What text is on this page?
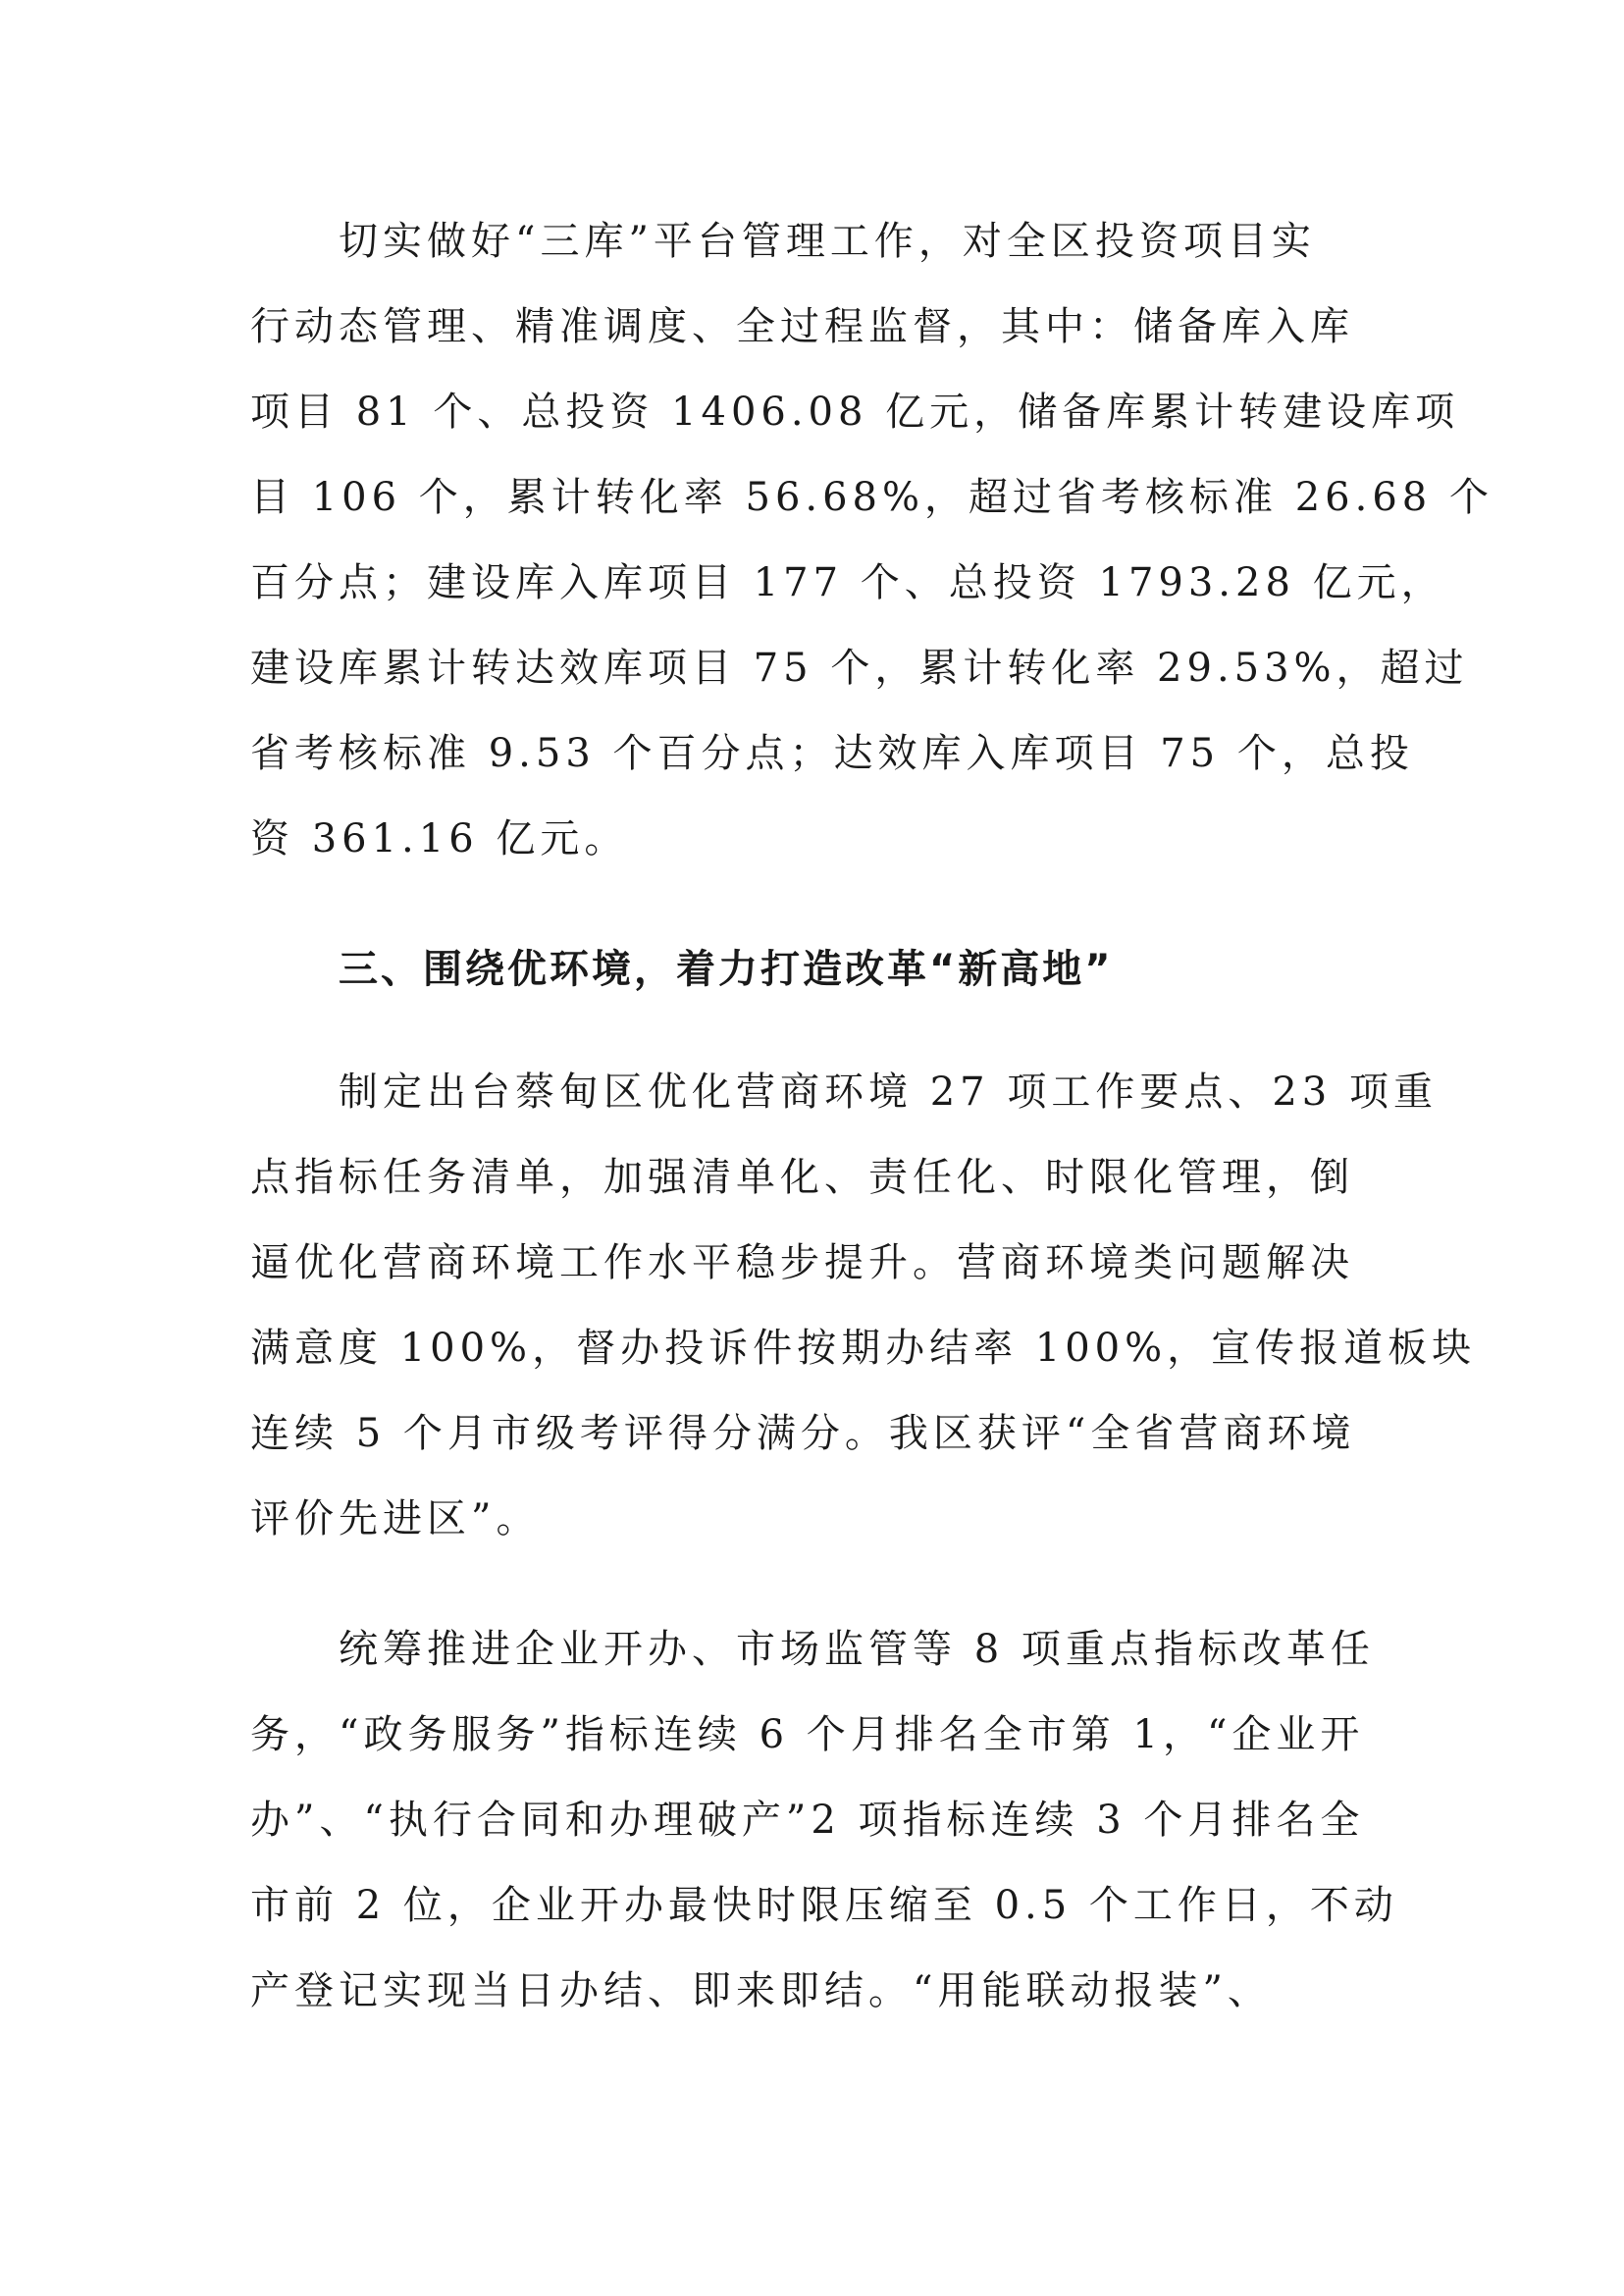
切实做好“三库”平台管理工作，对全区投资项目实
行动态管理、精准调度、全过程监督，其中：储备库入库
项目 81 个、总投资 1406.08 亿元，储备库累计转建设库项
目 106 个，累计转化率 56.68%，超过省考核标准 26.68 个
百分点；建设库入库项目 177 个、总投资 1793.28 亿元，
建设库累计转达效库项目 75 个，累计转化率 29.53%，超过
省考核标准 9.53 个百分点；达效库入库项目 75 个，总投
资 361.16 亿元。
三、围绕优环境，着力打造改革“新高地”
制定出台蔡甸区优化营商环境 27 项工作要点、23 项重
点指标任务清单，加强清单化、责任化、时限化管理，倒
逼优化营商环境工作水平稳步提升。营商环境类问题解决
满意度 100%，督办投诉件按期办结率 100%，宣传报道板块
连续 5 个月市级考评得分满分。我区获评“全省营商环境
评价先进区”。
统筹推进企业开办、市场监管等 8 项重点指标改革任
务，“政务服务”指标连续 6 个月排名全市第 1，“企业开
办”、“执行合同和办理破产”2 项指标连续 3 个月排名全
市前 2 位，企业开办最快时限压缩至 0.5 个工作日，不动
产登记实现当日办结、即来即结。“用能联动报装”、
